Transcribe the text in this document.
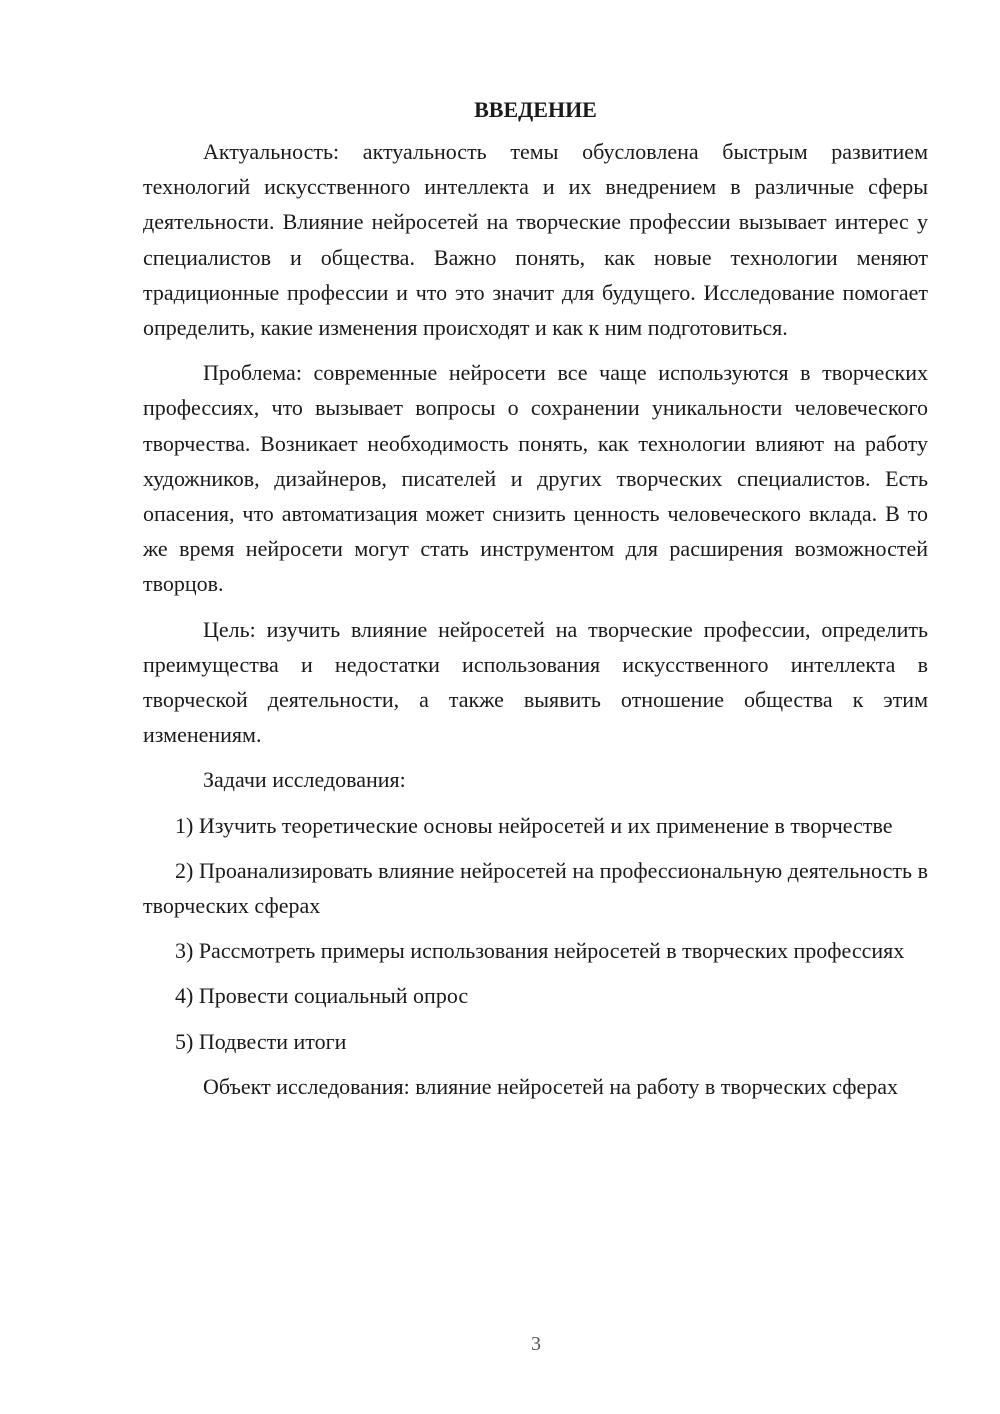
ВВЕДЕНИЕ

Актуальность: актуальность темы обусловлена быстрым развитием технологий искусственного интеллекта и их внедрением в различные сферы деятельности. Влияние нейросетей на творческие профессии вызывает интерес у специалистов и общества. Важно понять, как новые технологии меняют традиционные профессии и что это значит для будущего. Исследование помогает определить, какие изменения происходят и как к ним подготовиться.

Проблема: современные нейросети все чаще используются в творческих профессиях, что вызывает вопросы о сохранении уникальности человеческого творчества. Возникает необходимость понять, как технологии влияют на работу художников, дизайнеров, писателей и других творческих специалистов. Есть опасения, что автоматизация может снизить ценность человеческого вклада. В то же время нейросети могут стать инструментом для расширения возможностей творцов.

Цель: изучить влияние нейросетей на творческие профессии, определить преимущества и недостатки использования искусственного интеллекта в творческой деятельности, а также выявить отношение общества к этим изменениям.

Задачи исследования:

1) Изучить теоретические основы нейросетей и их применение в творчестве

2) Проанализировать влияние нейросетей на профессиональную деятельность в творческих сферах

3) Рассмотреть примеры использования нейросетей в творческих профессиях

4) Провести социальный опрос

5) Подвести итоги

Объект исследования: влияние нейросетей на работу в творческих сферах

3
